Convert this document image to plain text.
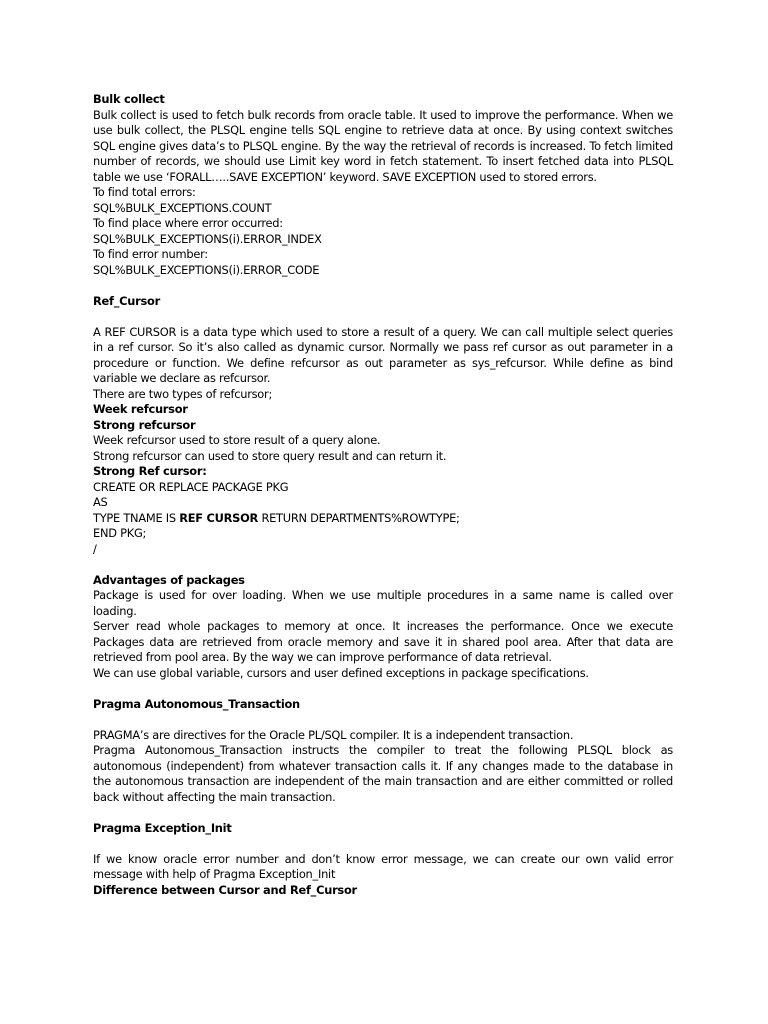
Bulk collect

Bulk collect is used to fetch bulk records from oracle table. It used to improve the performance. When we use bulk collect, the PLSQL engine tells SQL engine to retrieve data at once. By using context switches SQL engine gives data’s to PLSQL engine. By the way the retrieval of records is increased. To fetch limited number of records, we should use Limit key word in fetch statement. To insert fetched data into PLSQL table we use ‘FORALL…..SAVE EXCEPTION’ keyword. SAVE EXCEPTION used to stored errors.

To find total errors:
SQL%BULK_EXCEPTIONS.COUNT
To find place where error occurred:
SQL%BULK_EXCEPTIONS(i).ERROR_INDEX
To find error number:
SQL%BULK_EXCEPTIONS(i).ERROR_CODE
Ref_Cursor

A REF CURSOR is a data type which used to store a result of a query. We can call multiple select queries in a ref cursor. So it’s also called as dynamic cursor. Normally we pass ref cursor as out parameter in a procedure or function. We define refcursor as out parameter as sys_refcursor. While define as bind variable we declare as refcursor.

There are two types of refcursor;
Week refcursor
Strong refcursor
Week refcursor used to store result of a query alone.
Strong refcursor can used to store query result and can return it.
Strong Ref cursor:
CREATE OR REPLACE PACKAGE PKG
AS
TYPE TNAME IS REF CURSOR RETURN DEPARTMENTS%ROWTYPE;
END PKG;
/
Advantages of packages

Package is used for over loading. When we use multiple procedures in a same name is called over loading.

Server read whole packages to memory at once. It increases the performance. Once we execute Packages data are retrieved from oracle memory and save it in shared pool area. After that data are retrieved from pool area. By the way we can improve performance of data retrieval.

We can use global variable, cursors and user defined exceptions in package specifications.
Pragma Autonomous_Transaction
PRAGMA’s are directives for the Oracle PL/SQL compiler. It is a independent transaction.

Pragma Autonomous_Transaction instructs the compiler to treat the following PLSQL block as autonomous (independent) from whatever transaction calls it. If any changes made to the database in the autonomous transaction are independent of the main transaction and are either committed or rolled back without affecting the main transaction.

Pragma Exception_Init

If we know oracle error number and don’t know error message, we can create our own valid error message with help of Pragma Exception_Init

Difference between Cursor and Ref_Cursor
